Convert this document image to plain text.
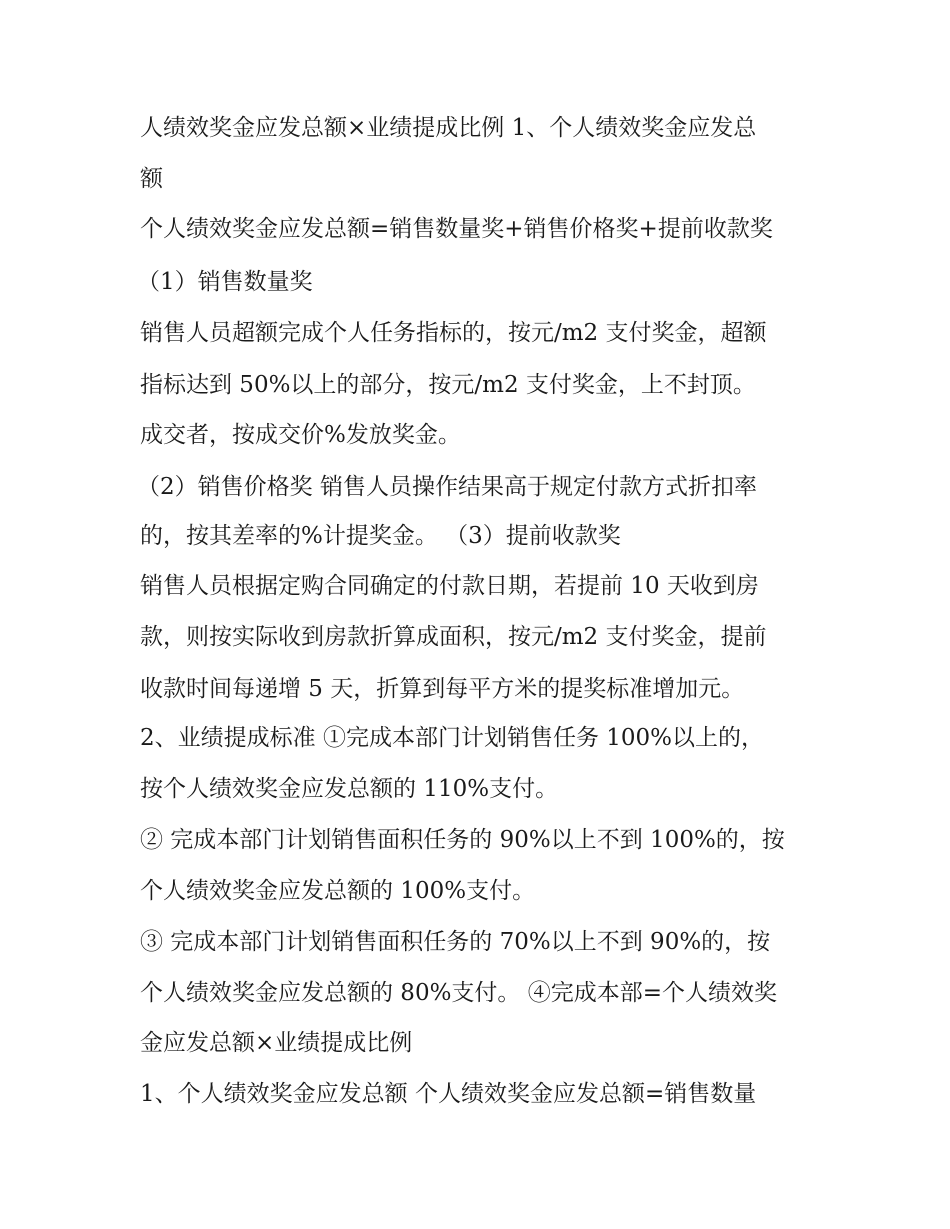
人绩效奖金应发总额×业绩提成比例 1、个人绩效奖金应发总
额
个人绩效奖金应发总额=销售数量奖+销售价格奖+提前收款奖
（1）销售数量奖
销售人员超额完成个人任务指标的，按元/m2 支付奖金，超额
指标达到 50%以上的部分，按元/m2 支付奖金，上不封顶。
成交者，按成交价%发放奖金。
（2）销售价格奖 销售人员操作结果高于规定付款方式折扣率
的，按其差率的%计提奖金。 （3）提前收款奖
销售人员根据定购合同确定的付款日期，若提前 10 天收到房
款，则按实际收到房款折算成面积，按元/m2 支付奖金，提前
收款时间每递增 5 天，折算到每平方米的提奖标准增加元。
2、业绩提成标准 ①完成本部门计划销售任务 100%以上的，
按个人绩效奖金应发总额的 110%支付。
② 完成本部门计划销售面积任务的 90%以上不到 100%的，按
个人绩效奖金应发总额的 100%支付。
③ 完成本部门计划销售面积任务的 70%以上不到 90%的，按
个人绩效奖金应发总额的 80%支付。 ④完成本部=个人绩效奖
金应发总额×业绩提成比例
1、个人绩效奖金应发总额 个人绩效奖金应发总额=销售数量
